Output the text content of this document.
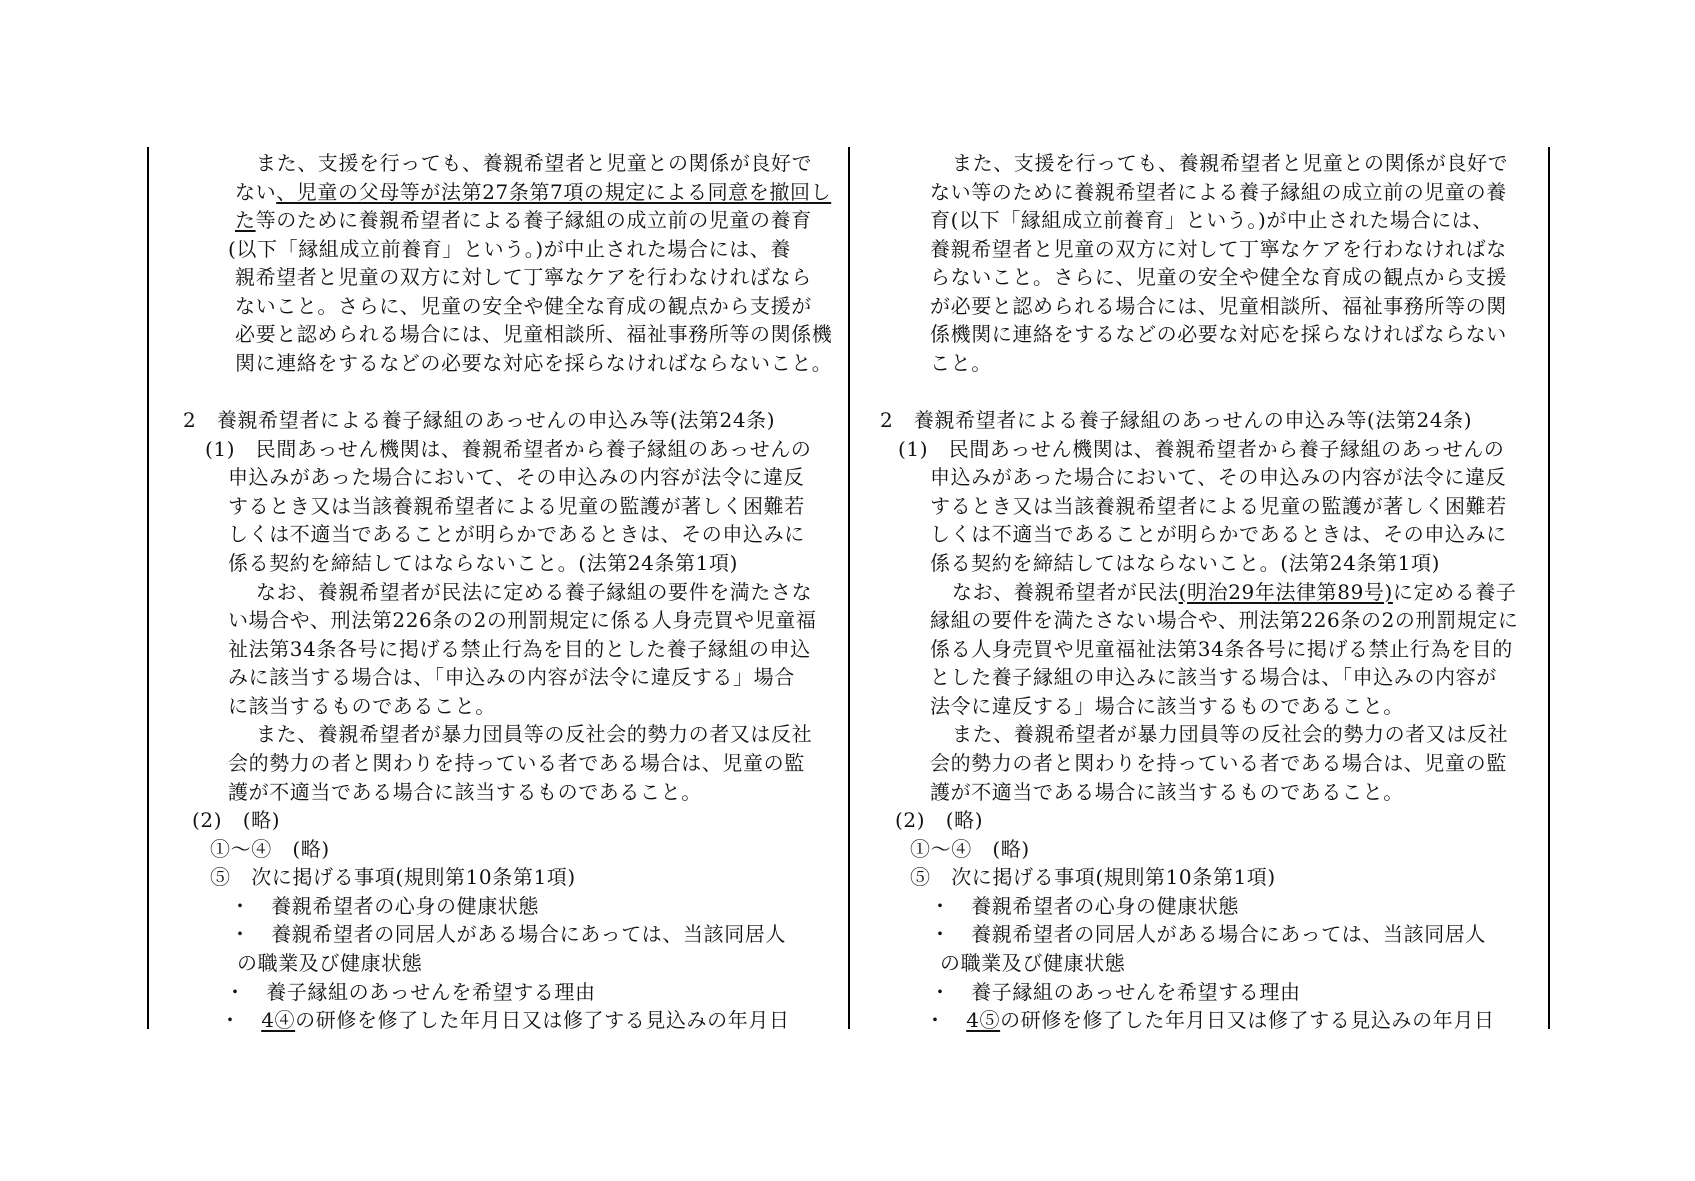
また、支援を行っても、養親希望者と児童との関係が良好で
ない、児童の父母等が法第27条第7項の規定による同意を撤回し
た等のために養親希望者による養子縁組の成立前の児童の養育
(以下「縁組成立前養育」という。)が中止された場合には、養
親希望者と児童の双方に対して丁寧なケアを行わなければなら
ないこと。さらに、児童の安全や健全な育成の観点から支援が
必要と認められる場合には、児童相談所、福祉事務所等の関係機
関に連絡をするなどの必要な対応を採らなければならないこと。
2　養親希望者による養子縁組のあっせんの申込み等(法第24条)
(1)　民間あっせん機関は、養親希望者から養子縁組のあっせんの
申込みがあった場合において、その申込みの内容が法令に違反
するとき又は当該養親希望者による児童の監護が著しく困難若
しくは不適当であることが明らかであるときは、その申込みに
係る契約を締結してはならないこと。(法第24条第1項)
なお、養親希望者が民法に定める養子縁組の要件を満たさな
い場合や、刑法第226条の2の刑罰規定に係る人身売買や児童福
祉法第34条各号に掲げる禁止行為を目的とした養子縁組の申込
みに該当する場合は、「申込みの内容が法令に違反する」場合
に該当するものであること。
また、養親希望者が暴力団員等の反社会的勢力の者又は反社
会的勢力の者と関わりを持っている者である場合は、児童の監
護が不適当である場合に該当するものであること。
(2)　(略)
①～④　(略)
⑤　次に掲げる事項(規則第10条第1項)
・　養親希望者の心身の健康状態
・　養親希望者の同居人がある場合にあっては、当該同居人
の職業及び健康状態
・　養子縁組のあっせんを希望する理由
・　4④の研修を修了した年月日又は修了する見込みの年月日
また、支援を行っても、養親希望者と児童との関係が良好で
ない等のために養親希望者による養子縁組の成立前の児童の養
育(以下「縁組成立前養育」という。)が中止された場合には、
養親希望者と児童の双方に対して丁寧なケアを行わなければな
らないこと。さらに、児童の安全や健全な育成の観点から支援
が必要と認められる場合には、児童相談所、福祉事務所等の関
係機関に連絡をするなどの必要な対応を採らなければならない
こと。
2　養親希望者による養子縁組のあっせんの申込み等(法第24条)
(1)　民間あっせん機関は、養親希望者から養子縁組のあっせんの
申込みがあった場合において、その申込みの内容が法令に違反
するとき又は当該養親希望者による児童の監護が著しく困難若
しくは不適当であることが明らかであるときは、その申込みに
係る契約を締結してはならないこと。(法第24条第1項)
なお、養親希望者が民法(明治29年法律第89号)に定める養子
縁組の要件を満たさない場合や、刑法第226条の2の刑罰規定に
係る人身売買や児童福祉法第34条各号に掲げる禁止行為を目的
とした養子縁組の申込みに該当する場合は、「申込みの内容が
法令に違反する」場合に該当するものであること。
また、養親希望者が暴力団員等の反社会的勢力の者又は反社
会的勢力の者と関わりを持っている者である場合は、児童の監
護が不適当である場合に該当するものであること。
(2)　(略)
①～④　(略)
⑤　次に掲げる事項(規則第10条第1項)
・　養親希望者の心身の健康状態
・　養親希望者の同居人がある場合にあっては、当該同居人
の職業及び健康状態
・　養子縁組のあっせんを希望する理由
・　4⑤の研修を修了した年月日又は修了する見込みの年月日
